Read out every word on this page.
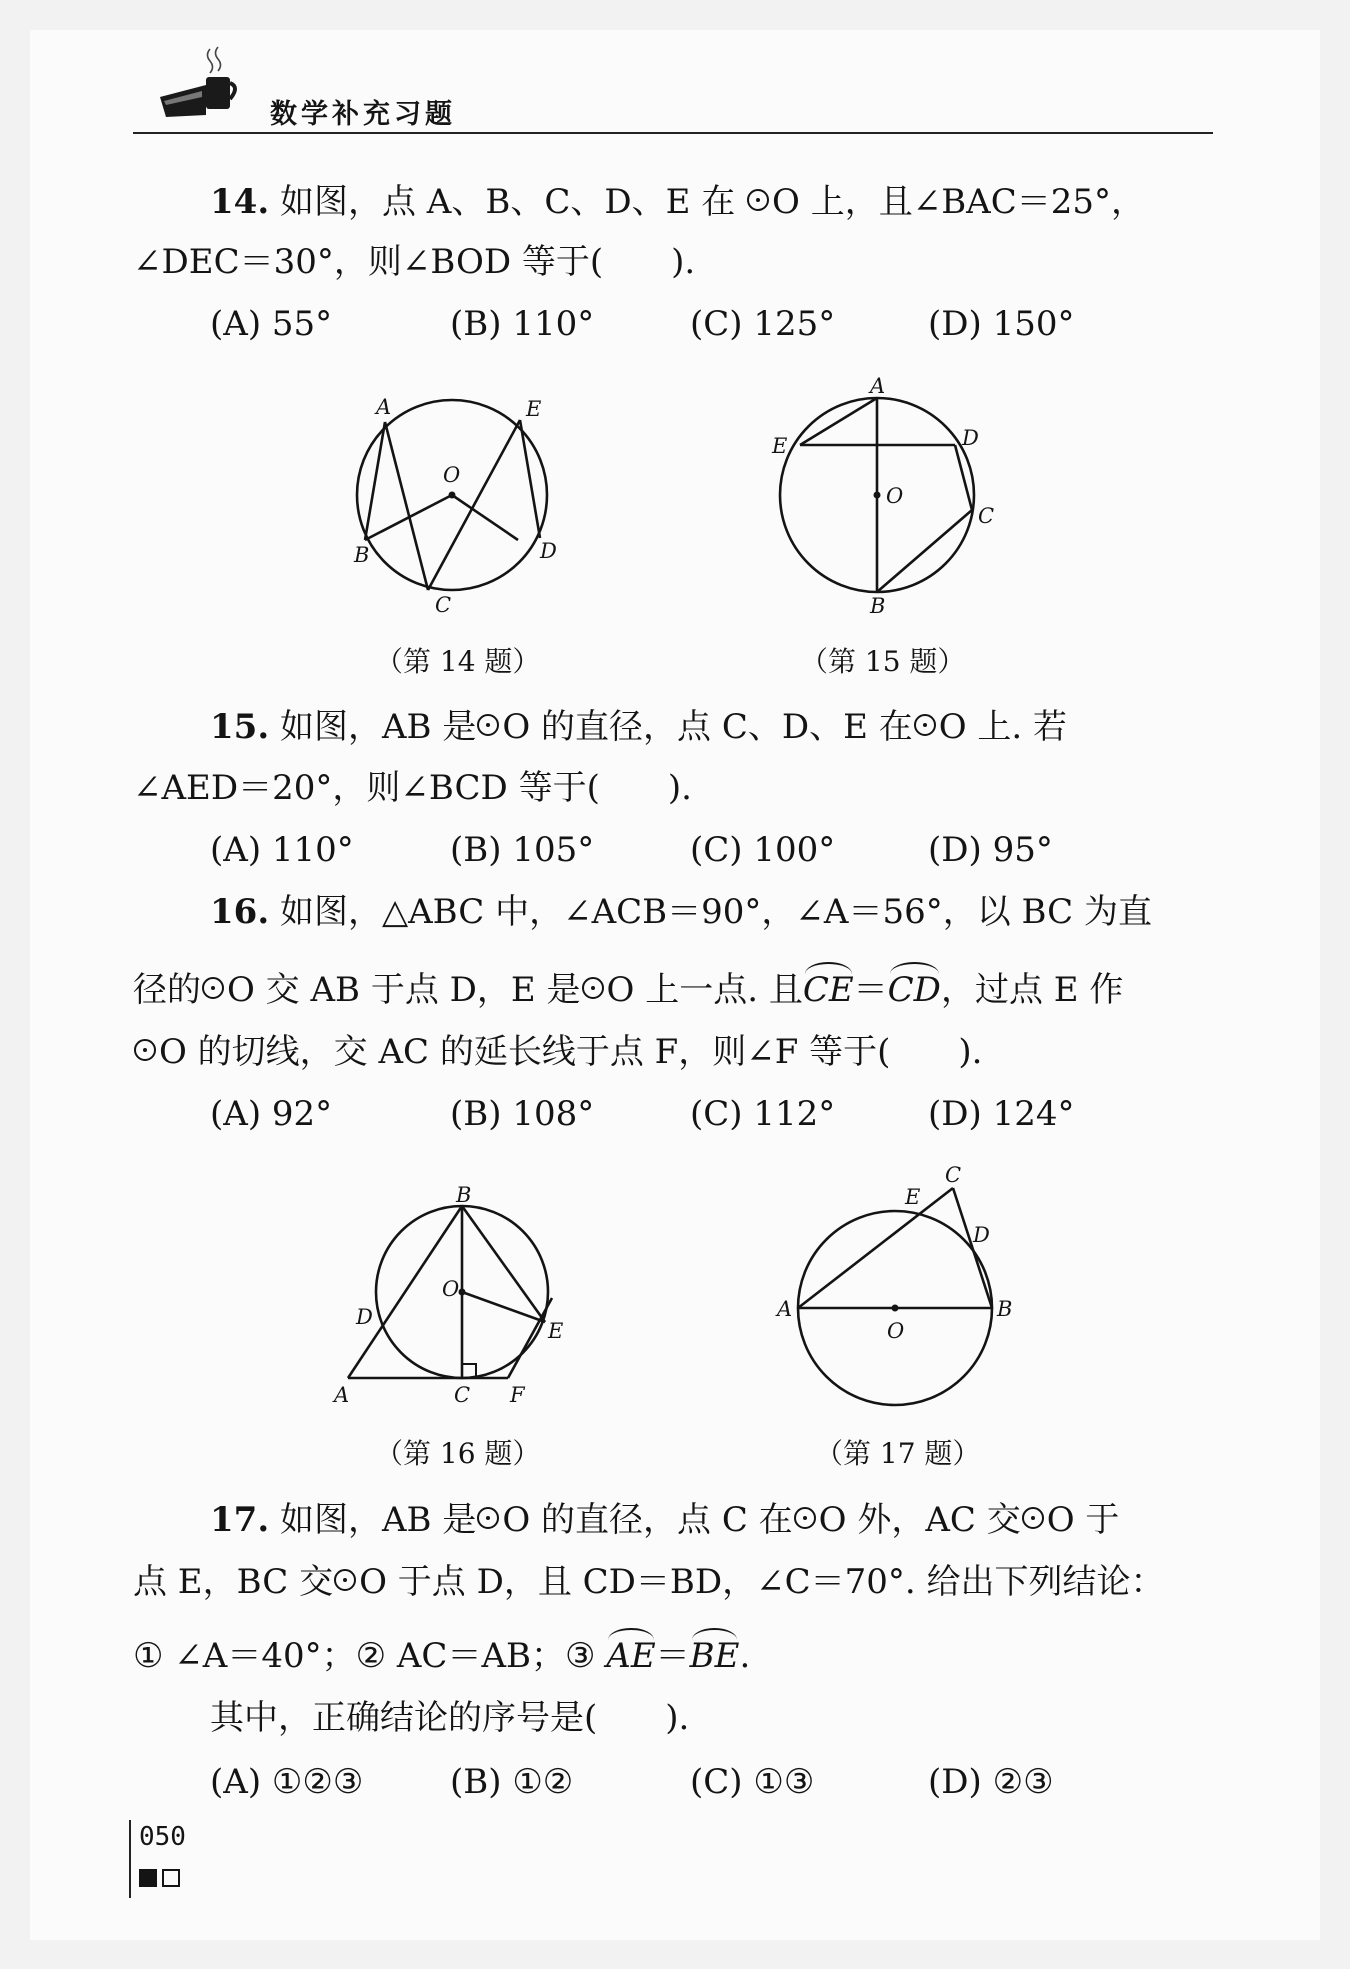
数学补充习题
14. 如图，点 A、B、C、D、E 在 O 上，且∠BAC＝25°，
∠DEC＝30°，则∠BOD 等于(　　).
(A) 55°	(B) 110°	(C) 125°	(D) 150°
A	E
O
B	D
C
（第 14 题）
A
E	D
O
C
B
（第 15 题）
15. 如图，AB 是 O 的直径，点 C、D、E 在 O 上. 若
∠AED＝20°，则∠BCD 等于(　　).
(A) 110°	(B) 105°	(C) 100°	(D) 95°
16. 如图，△ABC 中，∠ACB＝90°，∠A＝56°，以 BC 为直
径的 O 交 AB 于点 D，E 是 O 上一点. 且CE＝CD，过点 E 作
O 的切线，交 AC 的延长线于点 F，则∠F 等于(　　).
(A) 92°	(B) 108°	(C) 112°	(D) 124°
B
O
D
E
A	C F
（第 16 题）
C
E
D
A	B
O
（第 17 题）
17. 如图，AB 是 O 的直径，点 C 在 O 外，AC 交 O 于
点 E，BC 交 O 于点 D，且 CD＝BD，∠C＝70°. 给出下列结论：
① ∠A＝40°；② AC＝AB；③ AE＝BE.
其中，正确结论的序号是(　　).
(A) ①②③	(B) ①②	(C) ①③	(D) ②③
050
